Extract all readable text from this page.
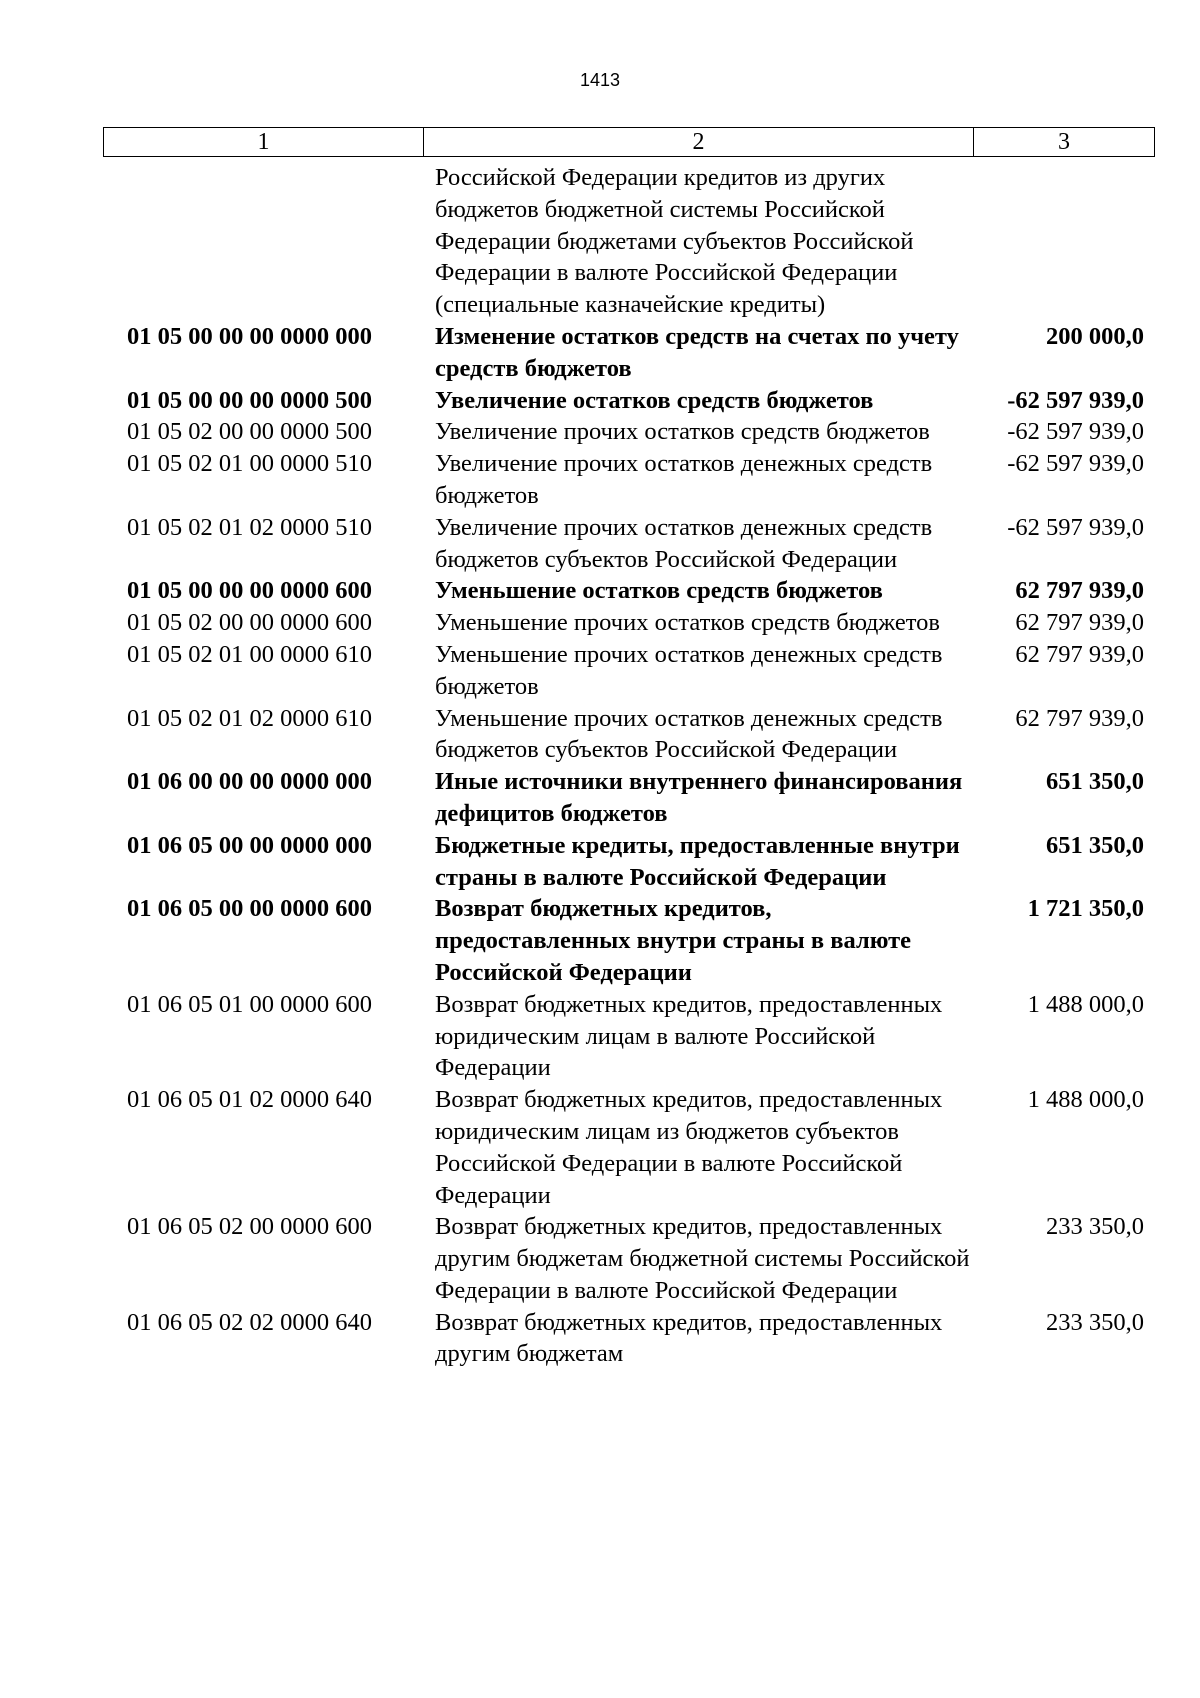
1413
1	2	3
	Российской Федерации кредитов из других бюджетов бюджетной системы Российской Федерации бюджетами субъектов Российской Федерации в валюте Российской Федерации (специальные казначейские кредиты)	
01 05 00 00 00 0000 000	Изменение остатков средств на счетах по учету средств бюджетов	200 000,0
01 05 00 00 00 0000 500	Увеличение остатков средств бюджетов	-62 597 939,0
01 05 02 00 00 0000 500	Увеличение прочих остатков средств бюджетов	-62 597 939,0
01 05 02 01 00 0000 510	Увеличение прочих остатков денежных средств бюджетов	-62 597 939,0
01 05 02 01 02 0000 510	Увеличение прочих остатков денежных средств бюджетов субъектов Российской Федерации	-62 597 939,0
01 05 00 00 00 0000 600	Уменьшение остатков средств бюджетов	62 797 939,0
01 05 02 00 00 0000 600	Уменьшение прочих остатков средств бюджетов	62 797 939,0
01 05 02 01 00 0000 610	Уменьшение прочих остатков денежных средств бюджетов	62 797 939,0
01 05 02 01 02 0000 610	Уменьшение прочих остатков денежных средств бюджетов субъектов Российской Федерации	62 797 939,0
01 06 00 00 00 0000 000	Иные источники внутреннего финансирования дефицитов бюджетов	651 350,0
01 06 05 00 00 0000 000	Бюджетные кредиты, предоставленные внутри страны в валюте Российской Федерации	651 350,0
01 06 05 00 00 0000 600	Возврат бюджетных кредитов, предоставленных внутри страны в валюте Российской Федерации	1 721 350,0
01 06 05 01 00 0000 600	Возврат бюджетных кредитов, предоставленных юридическим лицам в валюте Российской Федерации	1 488 000,0
01 06 05 01 02 0000 640	Возврат бюджетных кредитов, предоставленных юридическим лицам из бюджетов субъектов Российской Федерации в валюте Российской Федерации	1 488 000,0
01 06 05 02 00 0000 600	Возврат бюджетных кредитов, предоставленных другим бюджетам бюджетной системы Российской Федерации в валюте Российской Федерации	233 350,0
01 06 05 02 02 0000 640	Возврат бюджетных кредитов, предоставленных другим бюджетам	233 350,0
